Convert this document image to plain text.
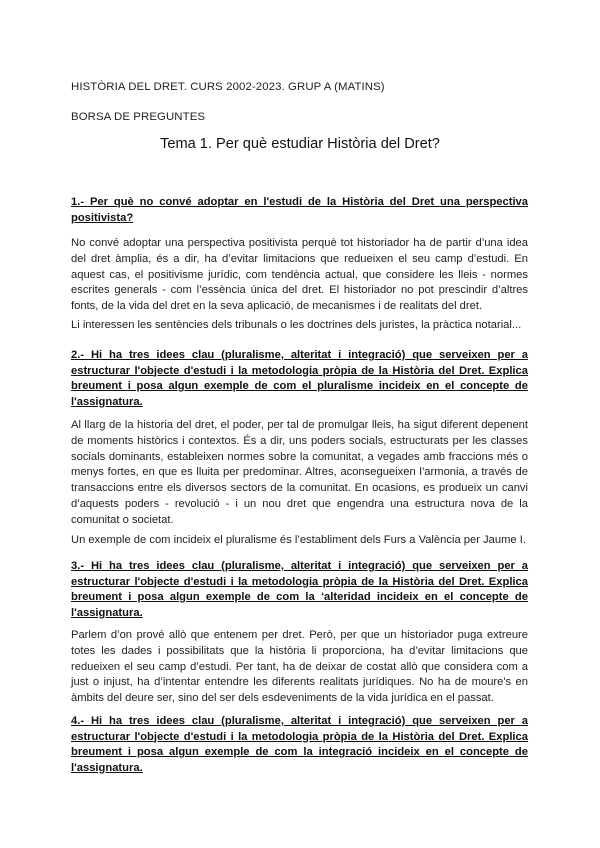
HISTÒRIA DEL DRET. CURS 2002-2023. GRUP A (MATINS)
BORSA DE PREGUNTES
Tema 1. Per què estudiar Història del Dret?

1.- Per què no convé adoptar en l'estudi de la Història del Dret una perspectiva positivista?

No convé adoptar una perspectiva positivista perquè tot historiador ha de partir d’una idea del dret àmplia, és a dir, ha d’evitar limitacions que redueixen el seu camp d’estudi. En aquest cas, el positivisme jurídic, com tendència actual, que considere les lleis - normes escrites generals - com l’essència única del dret. El historiador no pot prescindir d’altres fonts, de la vida del dret en la seva aplicació, de mecanismes i de realitats del dret.

Li interessen les sentències dels tribunals o les doctrines dels juristes, la pràctica notarial...

2.- Hi ha tres idees clau (pluralisme, alteritat i integració) que serveixen per a estructurar l'objecte d'estudi i la metodologia pròpia de la Història del Dret. Explica breument i posa algun exemple de com el pluralisme incideix en el concepte de l'assignatura.

Al llarg de la historia del dret, el poder, per tal de promulgar lleis, ha sigut diferent depenent de moments històrics i contextos. És a dir, uns poders socials, estructurats per les classes socials dominants, estableixen normes sobre la comunitat, a vegades amb fraccions més o menys fortes, en que es lluita per predominar. Altres, aconsegueixen l’armonia, a través de transaccions entre els diversos sectors de la comunitat. En ocasions, es produeix un canvi d’aquests poders - revolució - i un nou dret que engendra una estructura nova de la comunitat o societat.

Un exemple de com incideix el pluralisme és l’establiment dels Furs a València per Jaume I.

3.- Hi ha tres idees clau (pluralisme, alteritat i integració) que serveixen per a estructurar l'objecte d'estudi i la metodologia pròpia de la Història del Dret. Explica breument i posa algun exemple de com la ‘alteridad incideix en el concepte de l'assignatura.

Parlem d’on prové allò que entenem per dret. Però, per que un historiador puga extreure totes les dades i possibilitats que la història li proporciona, ha d’evitar limitacions que redueixen el seu camp d’estudi. Per tant, ha de deixar de costat allò que considera com a just o injust, ha d’intentar entendre les diferents realitats jurídiques. No ha de moure's en àmbits del deure ser, sino del ser dels esdeveniments de la vida jurídica en el passat.

4.- Hi ha tres idees clau (pluralisme, alteritat i integració) que serveixen per a estructurar l'objecte d'estudi i la metodologia pròpia de la Història del Dret. Explica breument i posa algun exemple de com la integració incideix en el concepte de l'assignatura.
